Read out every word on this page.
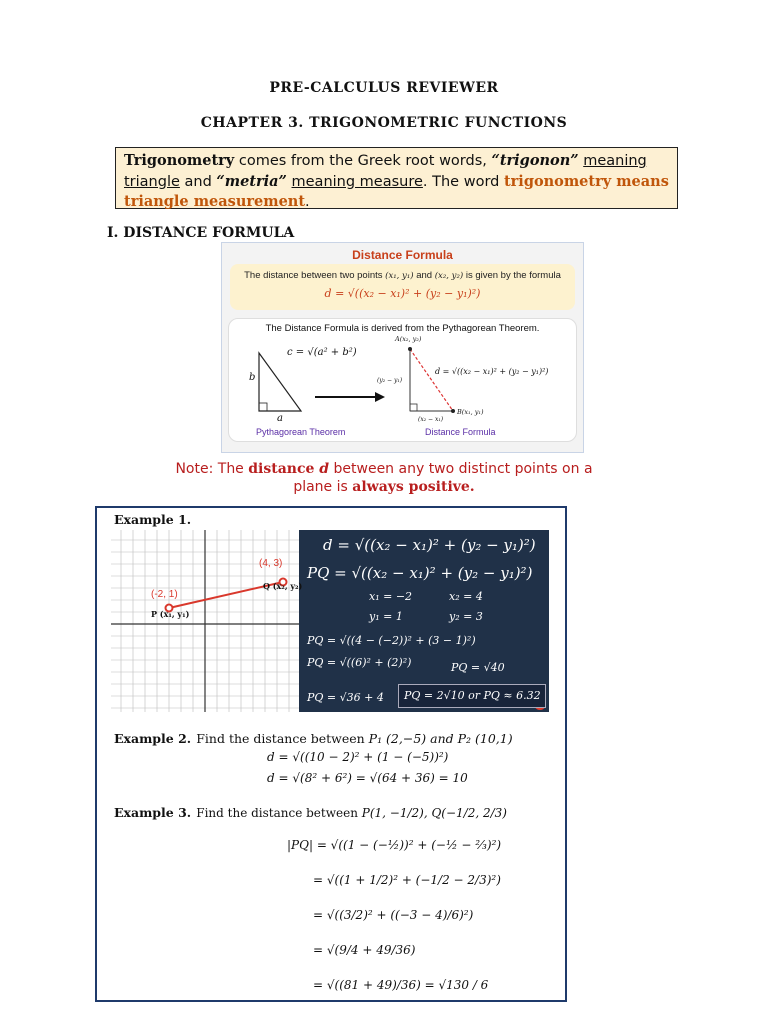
PRE-CALCULUS REVIEWER
CHAPTER 3. TRIGONOMETRIC FUNCTIONS
Trigonometry comes from the Greek root words, “trigonon” meaning triangle and “metria” meaning measure. The word trigonometry means triangle measurement.
I. DISTANCE FORMULA
Distance Formula
The distance between two points (x₁, y₁) and (x₂, y₂) is given by the formula
d = √((x₂ − x₁)² + (y₂ − y₁)²)
The Distance Formula is derived from the Pythagorean Theorem.
c = √(a² + b²)
b
a
A(x₂, y₂)
B(x₁, y₁)
(y₂ − y₁)
(x₂ − x₁)
d = √((x₂ − x₁)² + (y₂ − y₁)²)
Pythagorean Theorem	Distance Formula
Note: The distance d between any two distinct points on a
plane is always positive.
Example 1.
(4, 3)
(-2, 1)
Q (x₂, y₂)
P (x₁, y₁)
d = √((x₂ − x₁)² + (y₂ − y₁)²)
PQ = √((x₂ − x₁)² + (y₂ − y₁)²)
x₁ = −2	x₂ = 4
y₁ = 1	y₂ = 3
PQ = √((4 − (−2))² + (3 − 1)²)
PQ = √((6)² + (2)²)	PQ = √40
PQ = √36 + 4 PQ = 2√10 or PQ ≈ 6.32
Example 2. Find the distance between P₁ (2,−5) and P₂ (10,1)
d = √((10 − 2)² + (1 − (−5))²)
d = √(8² + 6²) = √(64 + 36) = 10
Example 3. Find the distance between P(1, −1/2), Q(−1/2, 2/3)
|PQ| = √((1 − (−½))² + (−½ − ⅔)²)
= √((1 + 1/2)² + (−1/2 − 2/3)²)
= √((3/2)² + ((−3 − 4)/6)²)
= √(9/4 + 49/36)
= √((81 + 49)/36) = √130 / 6
